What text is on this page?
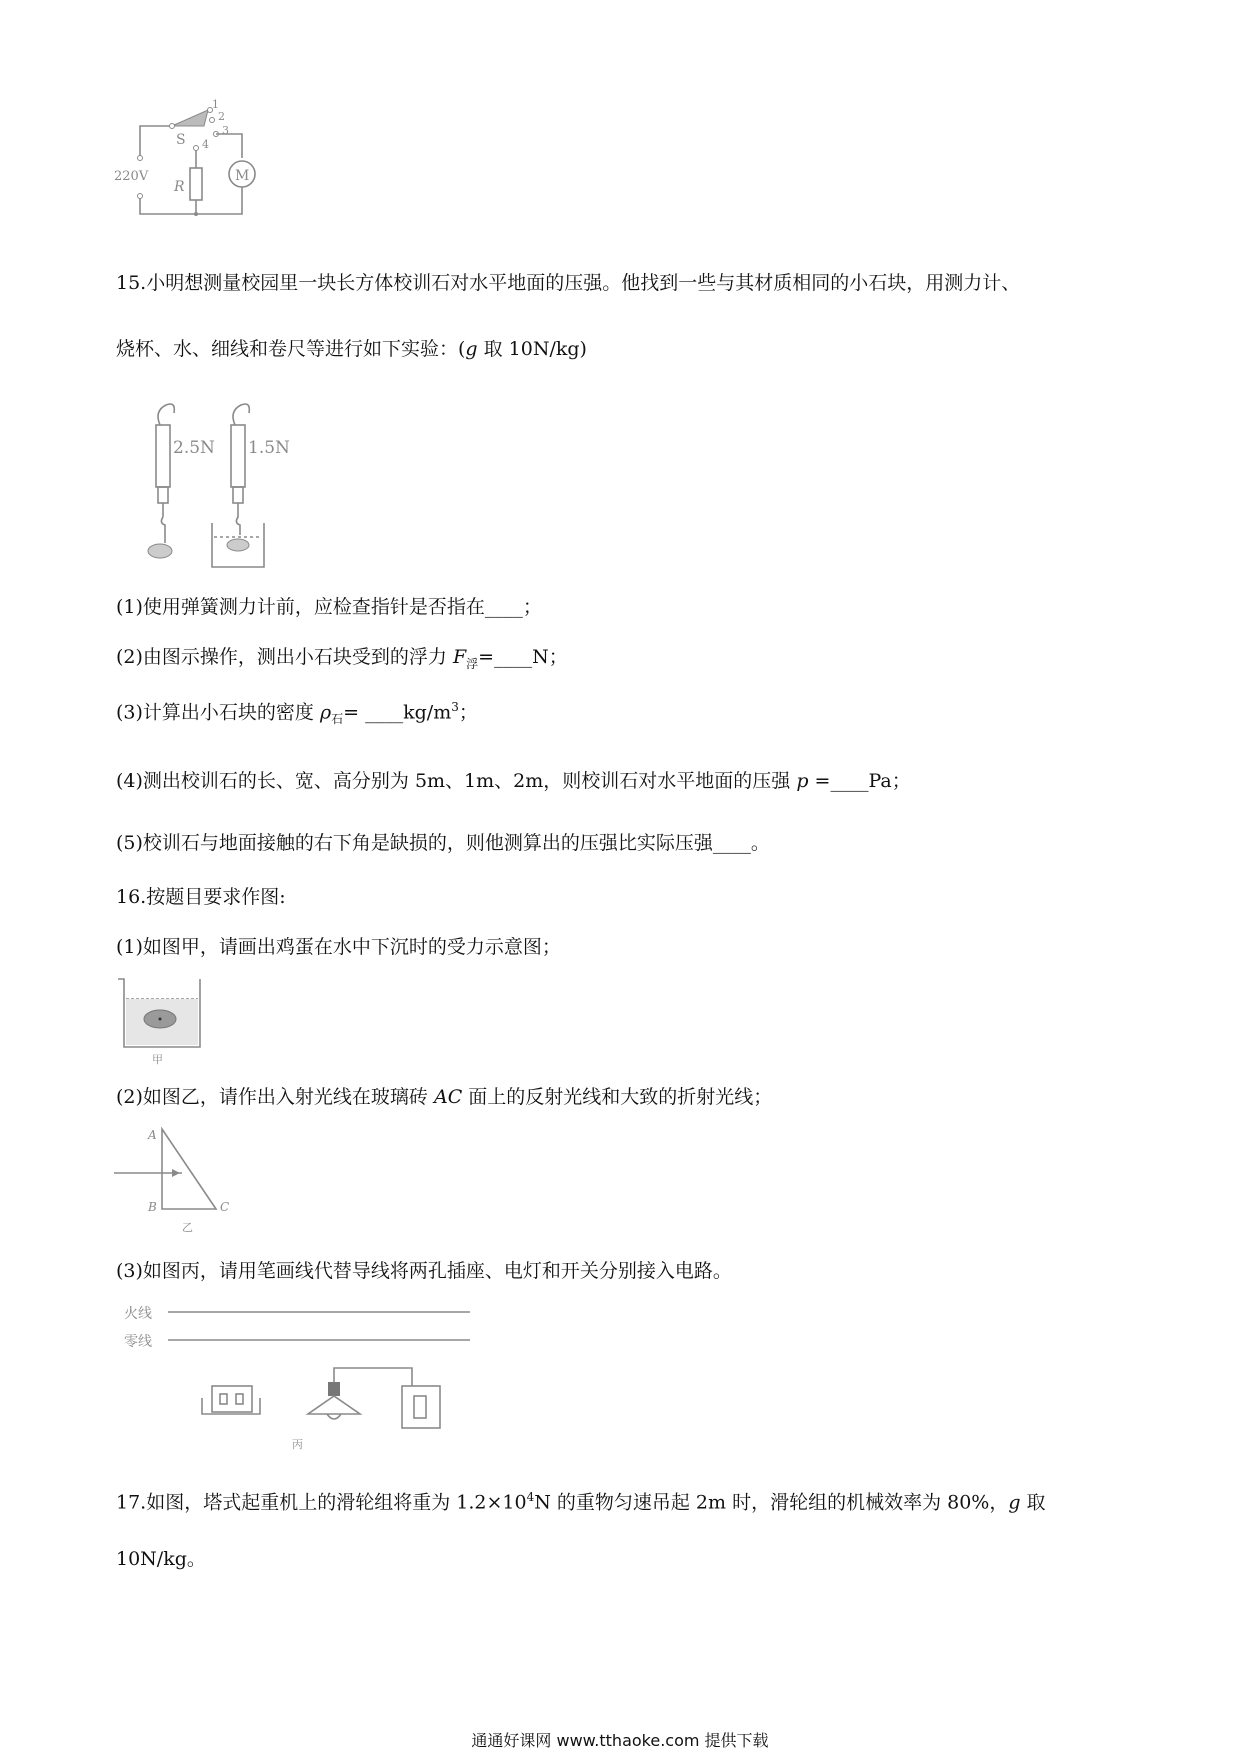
220V
S
R
M
1
2
3
4
15.小明想测量校园里一块长方体校训石对水平地面的压强。他找到一些与其材质相同的小石块，用测力计、
烧杯、水、细线和卷尺等进行如下实验：(g 取 10N/kg)
2.5N 1.5N
(1)使用弹簧测力计前，应检查指针是否指在____；
(2)由图示操作，测出小石块受到的浮力 $F_浮=\_\_\_\_N$；
(3)计算出小石块的密度 $\rho_石=$ $\_\_\_\_kg/m^3$；
(4)测出校训石的长、宽、高分别为 5m、1m、2m，则校训石对水平地面的压强 p =____Pa；
(5)校训石与地面接触的右下角是缺损的，则他测算出的压强比实际压强____。
16.按题目要求作图:
(1)如图甲，请画出鸡蛋在水中下沉时的受力示意图；
甲
(2)如图乙，请作出入射光线在玻璃砖 AC 面上的反射光线和大致的折射光线；
A
B	C
乙
(3)如图丙，请用笔画线代替导线将两孔插座、电灯和开关分别接入电路。
火线
零线
丙
17.如图，塔式起重机上的滑轮组将重为 $1.2\times 10^4N$ 的重物匀速吊起 2m 时，滑轮组的机械效率为 80%，g 取
10N/kg。
通通好课网 www.tthaoke.com 提供下载
